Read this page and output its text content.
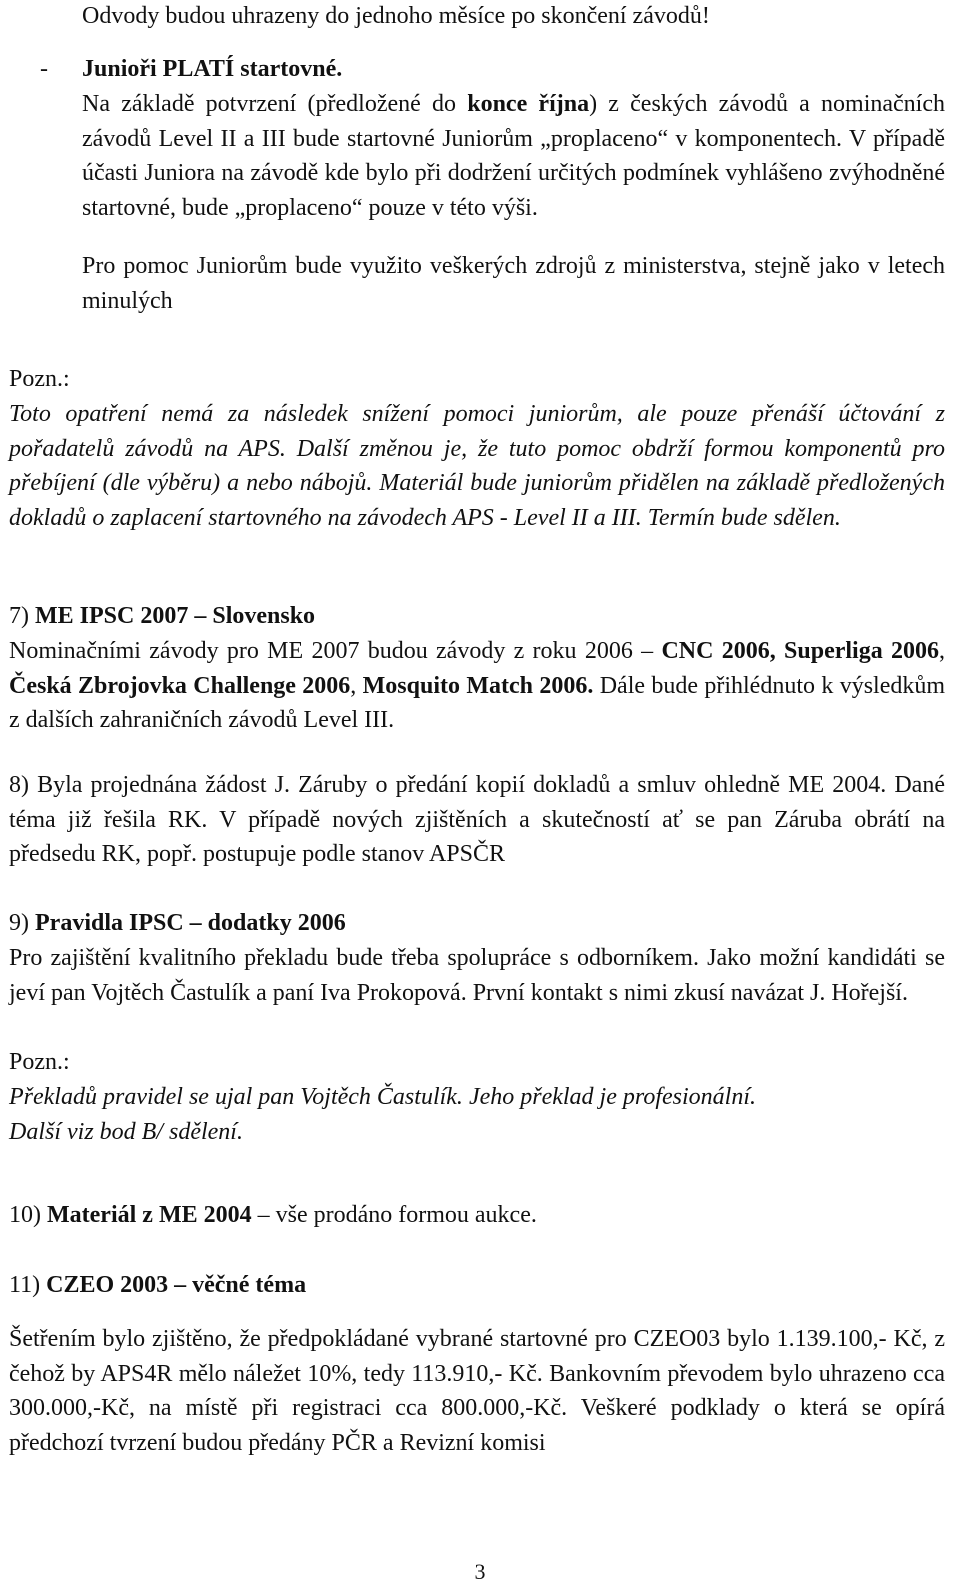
Odvody budou uhrazeny do jednoho měsíce po skončení závodů!

- Junioři PLATÍ startovné.

Na základě potvrzení (předložené do konce října) z českých závodů a nominačních závodů Level II a III bude startovné Juniorům „proplaceno“ v komponentech. V případě účasti Juniora na závodě kde bylo při dodržení určitých podmínek vyhlášeno zvýhodněné startovné, bude „proplaceno“ pouze v této výši.

Pro pomoc Juniorům bude využito veškerých zdrojů z ministerstva, stejně jako v letech minulých

Pozn.:

Toto opatření nemá za následek snížení pomoci juniorům, ale pouze přenáší účtování z pořadatelů závodů na APS. Další změnou je, že tuto pomoc obdrží formou komponentů pro přebíjení (dle výběru) a nebo nábojů. Materiál bude juniorům přidělen na základě předložených dokladů o zaplacení startovného na závodech APS - Level II a III. Termín bude sdělen.

7) ME IPSC 2007 – Slovensko

Nominačními závody pro ME 2007 budou závody z roku 2006 – CNC 2006, Superliga 2006, Česká Zbrojovka Challenge 2006, Mosquito Match 2006. Dále bude přihlédnuto k výsledkům z dalších zahraničních závodů Level III.

8) Byla projednána žádost J. Záruby o předání kopií dokladů a smluv ohledně ME 2004. Dané téma již řešila RK. V případě nových zjištěních a skutečností ať se pan Záruba obrátí na předsedu RK, popř. postupuje podle stanov APSČR

9) Pravidla IPSC – dodatky 2006

Pro zajištění kvalitního překladu bude třeba spolupráce s odborníkem. Jako možní kandidáti se jeví pan Vojtěch Častulík a paní Iva Prokopová. První kontakt s nimi zkusí navázat J. Hořejší.

Pozn.:

Překladů pravidel se ujal pan Vojtěch Častulík. Jeho překlad je profesionální.

Další viz bod B/ sdělení.

10) Materiál z ME 2004 – vše prodáno formou aukce.

11) CZEO 2003 – věčné téma

Šetřením bylo zjištěno, že předpokládané vybrané startovné pro CZEO03 bylo 1.139.100,- Kč, z čehož by APS4R mělo náležet 10%, tedy 113.910,- Kč. Bankovním převodem bylo uhrazeno cca 300.000,-Kč, na místě při registraci cca 800.000,-Kč. Veškeré podklady o která se opírá předchozí tvrzení budou předány PČR a Revizní komisi

3
